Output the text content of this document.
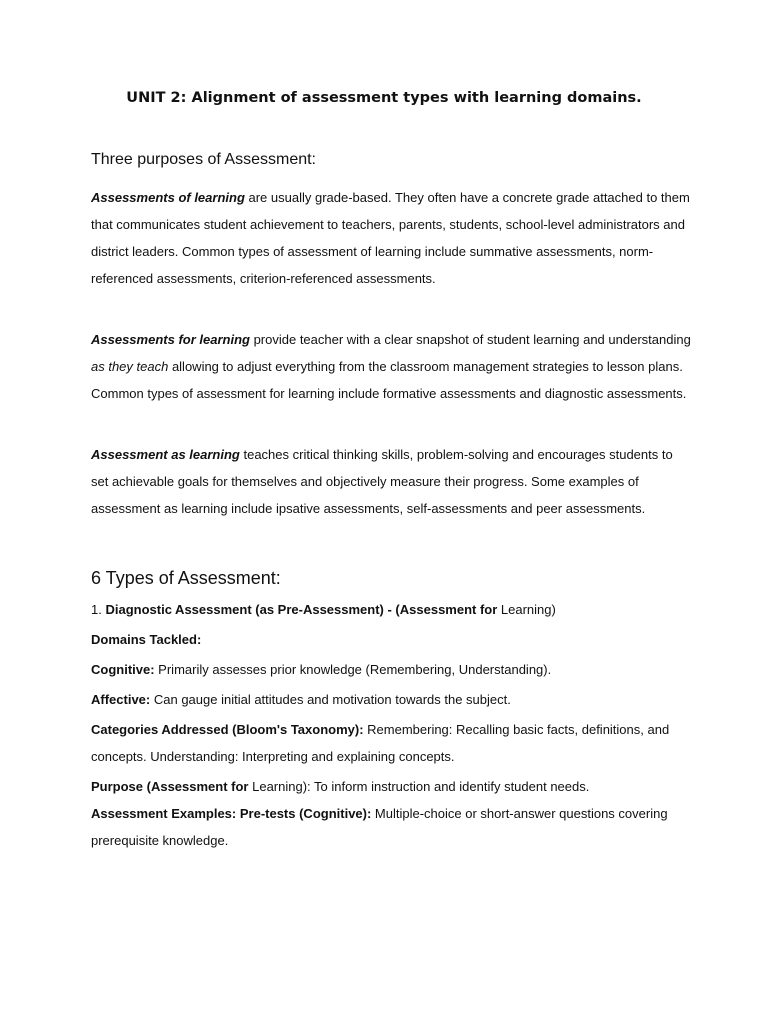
UNIT 2: Alignment of assessment types with learning domains.
Three purposes of Assessment:

Assessments of learning are usually grade-based. They often have a concrete grade attached to them that communicates student achievement to teachers, parents, students, school-level administrators and district leaders. Common types of assessment of learning include summative assessments, norm-referenced assessments, criterion-referenced assessments.

Assessments for learning provide teacher with a clear snapshot of student learning and understanding as they teach allowing to adjust everything from the classroom management strategies to lesson plans. Common types of assessment for learning include formative assessments and diagnostic assessments.

Assessment as learning teaches critical thinking skills, problem-solving and encourages students to set achievable goals for themselves and objectively measure their progress. Some examples of assessment as learning include ipsative assessments, self-assessments and peer assessments.

6 Types of Assessment:

1. Diagnostic Assessment (as Pre-Assessment) - (Assessment for Learning)

Domains Tackled:

Cognitive: Primarily assesses prior knowledge (Remembering, Understanding).

Affective: Can gauge initial attitudes and motivation towards the subject.

Categories Addressed (Bloom's Taxonomy): Remembering: Recalling basic facts, definitions, and concepts. Understanding: Interpreting and explaining concepts.

Purpose (Assessment for Learning): To inform instruction and identify student needs.

Assessment Examples: Pre-tests (Cognitive): Multiple-choice or short-answer questions covering prerequisite knowledge.
